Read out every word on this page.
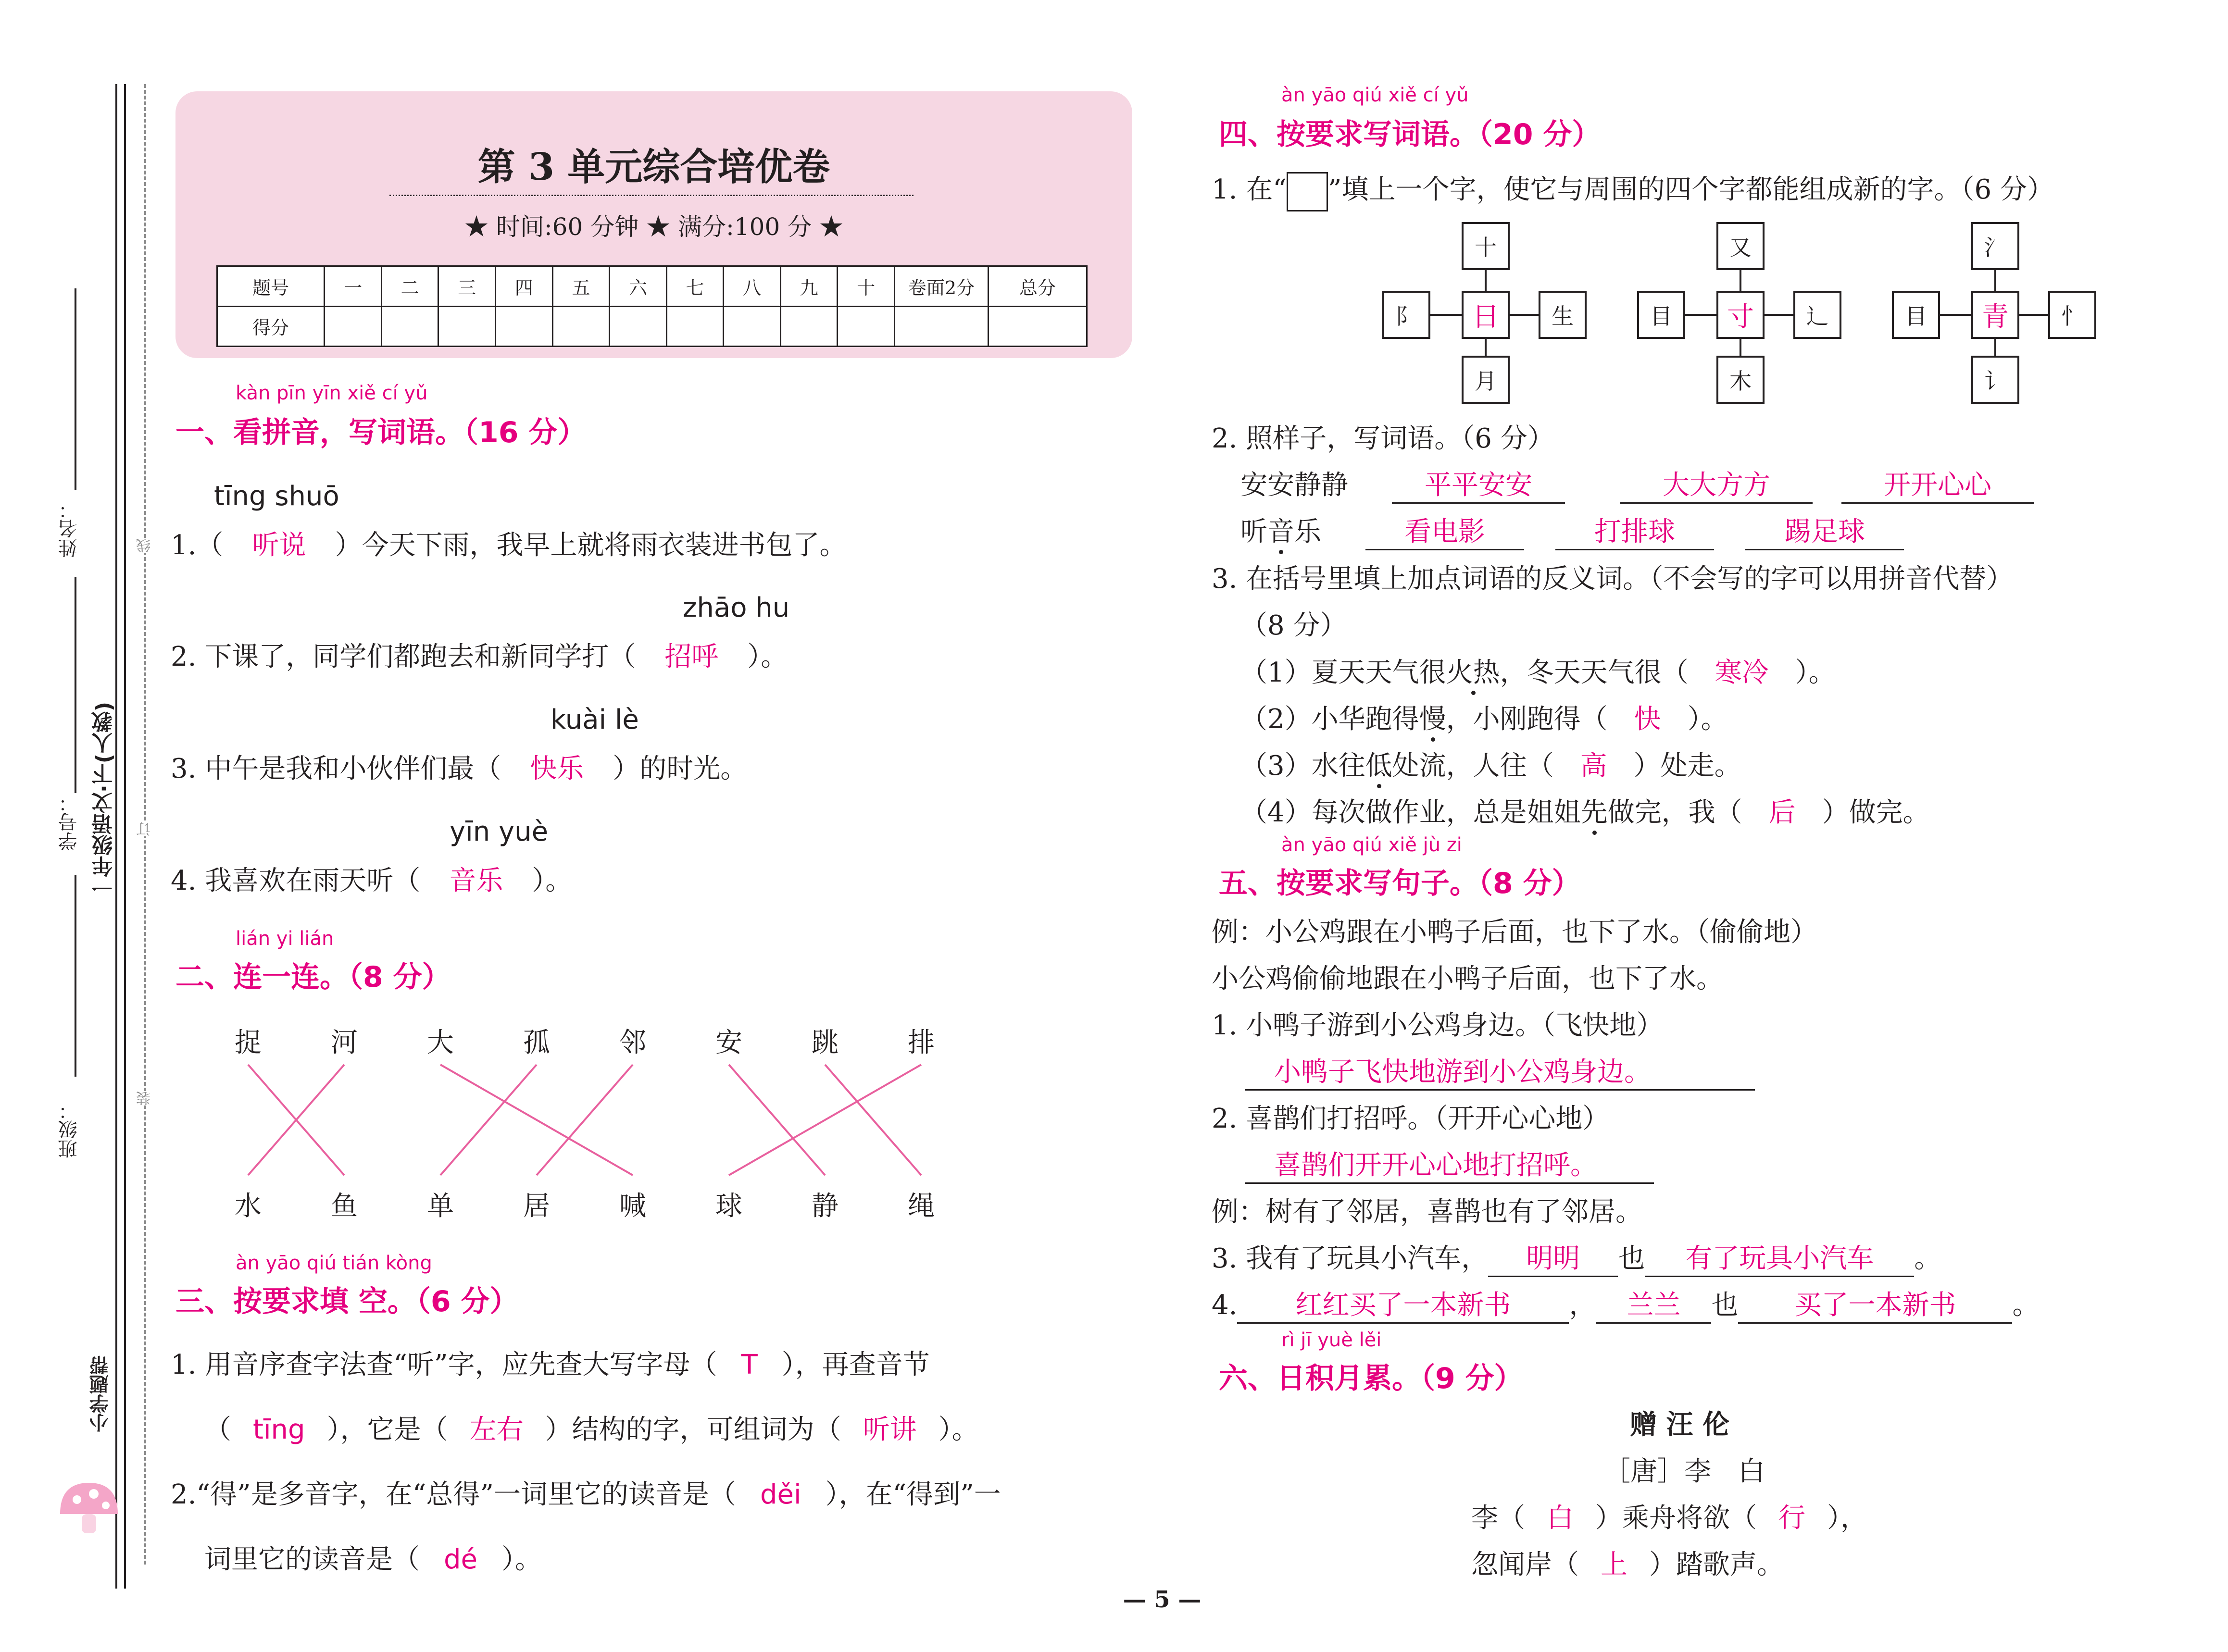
姓名：
学号：
班级：
一年级语文·下(人教)
线
订
装
小学题帮
第 3 单元综合培优卷
★ 时间:60 分钟 ★ 满分:100 分 ★
题号	一	二	三	四	五	六	七	八	九	十	卷面2分	总分
得分												
kàn pīn yīn xiě cí yǔ
一、看拼音，写词语。（16 分）
tīng shuō
1.（ 听说 ）今天下雨，我早上就将雨衣装进书包了。
zhāo hu
2. 下课了，同学们都跑去和新同学打（ 招呼 ）。
kuài lè
3. 中午是我和小伙伴们最（ 快乐 ）的时光。
yīn yuè
4. 我喜欢在雨天听（ 音乐 ）。
lián yi lián
二、连一连。（8 分）
捉	河	大	孤	邻	安	跳	排
水	鱼	单	居	喊	球	静	绳
àn yāo qiú tián kòng
三、按要求填 空。（6 分）
1. 用音序查字法查“听”字，应先查大写字母（ T ），再查音节
（ tīng ），它是（ 左右 ）结构的字，可组词为（ 听讲 ）。
2.“得”是多音字，在“总得”一词里它的读音是（ děi ），在“得到”一
词里它的读音是（ dé ）。
àn yāo qiú xiě cí yǔ
四、按要求写词语。（20 分）
1. 在“ ”填上一个字，使它与周围的四个字都能组成新的字。（6 分）
十
阝	日	生
月
又
目	寸	辶
木
氵
目	青	忄
讠
2. 照样子，写词语。（6 分）
安安静静	平平安安	大大方方	开开心心
听音乐	看电影	打排球	踢足球
3. 在括号里填上加点词语的反义词。（不会写的字可以用拼音代替）
（8 分）
（1）夏天天气很火热，冬天天气很（ 寒冷 ）。
（2）小华跑得慢，小刚跑得（ 快 ）。
（3）水往低处流，人往（ 高 ）处走。
（4）每次做作业，总是姐姐先做完，我（ 后 ）做完。
àn yāo qiú xiě jù zi
五、按要求写句子。（8 分）
例：小公鸡跟在小鸭子后面，也下了水。（偷偷地）
小公鸡偷偷地跟在小鸭子后面，也下了水。
1. 小鸭子游到小公鸡身边。（飞快地）
小鸭子飞快地游到小公鸡身边。
2. 喜鹊们打招呼。（开开心心地）
喜鹊们开开心心地打招呼。
例：树有了邻居，喜鹊也有了邻居。
3. 我有了玩具小汽车， 明明 也 有了玩具小汽车 。
4. 红红买了一本新书 ， 兰兰 也 买了一本新书 。
rì jī yuè lěi
六、日积月累。（9 分）
赠 汪 伦
［唐］李　白
李（ 白 ）乘舟将欲（ 行 ），
忽闻岸（ 上 ）踏歌声。
— 5 —
